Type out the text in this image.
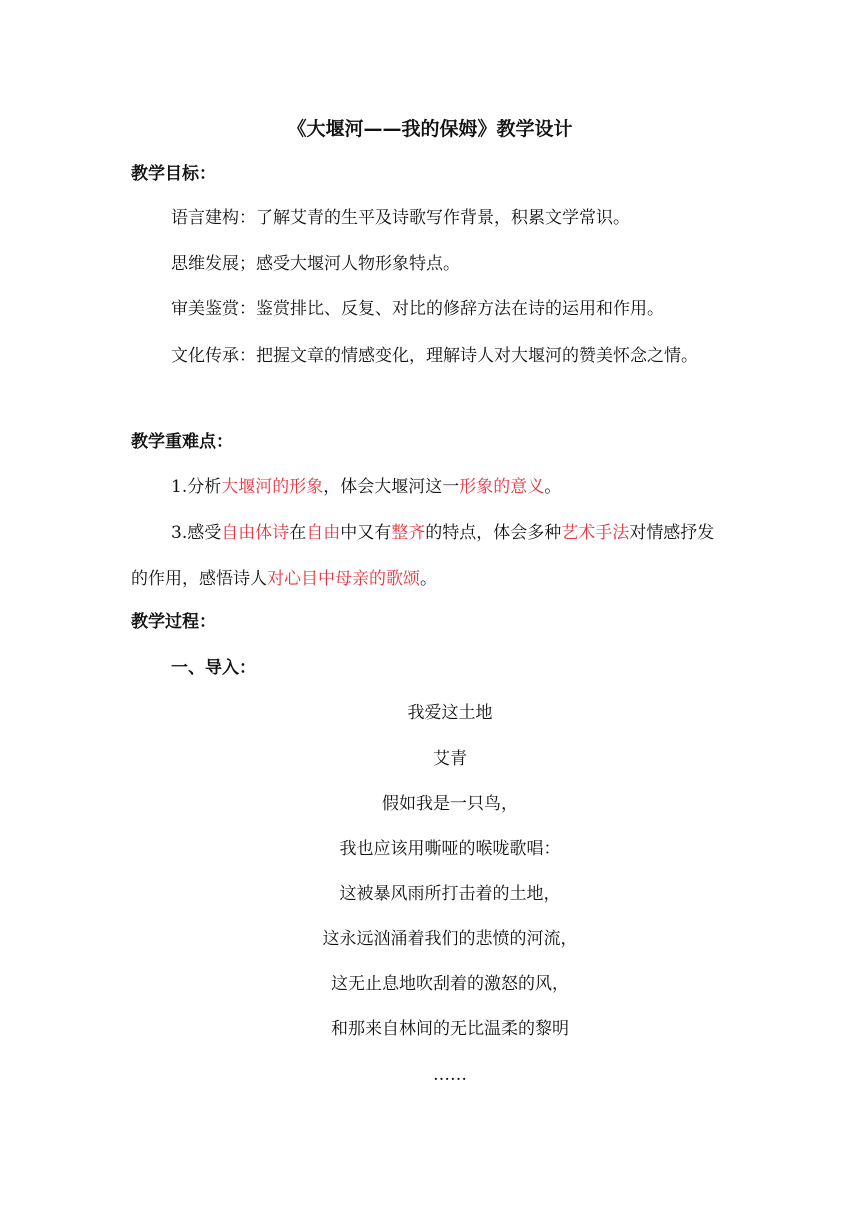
《大堰河——我的保姆》教学设计
教学目标：
语言建构：了解艾青的生平及诗歌写作背景，积累文学常识。
思维发展；感受大堰河人物形象特点。
审美鉴赏：鉴赏排比、反复、对比的修辞方法在诗的运用和作用。
文化传承：把握文章的情感变化，理解诗人对大堰河的赞美怀念之情。
教学重难点：
1.分析大堰河的形象，体会大堰河这一形象的意义。
3.感受自由体诗在自由中又有整齐的特点，体会多种艺术手法对情感抒发的作用，感悟诗人对心目中母亲的歌颂。
教学过程：
一、导入：
我爱这土地
艾青
假如我是一只鸟，
我也应该用嘶哑的喉咙歌唱：
这被暴风雨所打击着的土地，
这永远汹涌着我们的悲愤的河流，
这无止息地吹刮着的激怒的风，
和那来自林间的无比温柔的黎明
……
